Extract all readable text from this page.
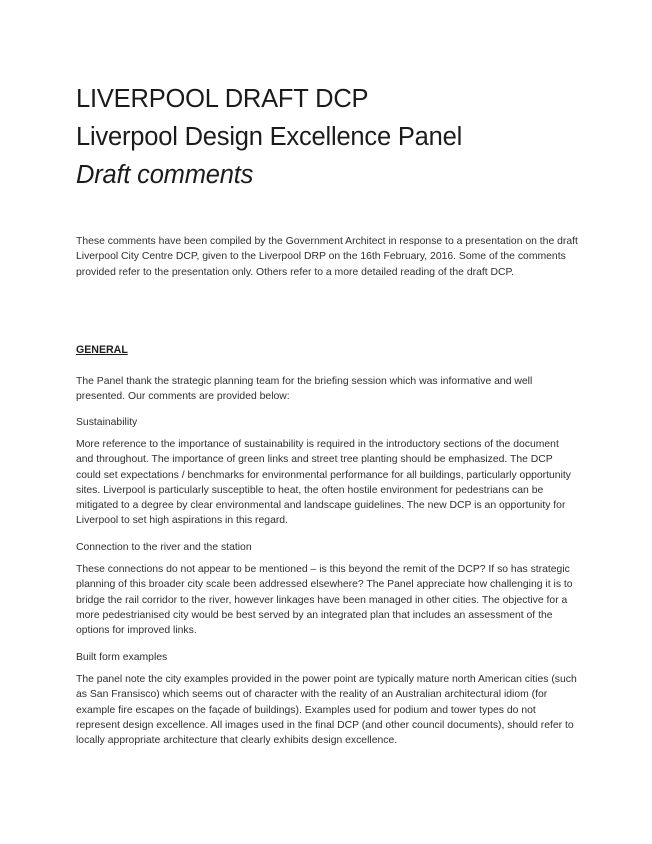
LIVERPOOL DRAFT DCP
Liverpool Design Excellence Panel
Draft comments

These comments have been compiled by the Government Architect in response to a presentation on the draft Liverpool City Centre DCP, given to the Liverpool DRP on the 16th February, 2016. Some of the comments provided refer to the presentation only. Others refer to a more detailed reading of the draft DCP.

GENERAL

The Panel thank the strategic planning team for the briefing session which was informative and well presented. Our comments are provided below:

Sustainability

More reference to the importance of sustainability is required in the introductory sections of the document and throughout. The importance of green links and street tree planting should be emphasized. The DCP could set expectations / benchmarks for environmental performance for all buildings, particularly opportunity sites. Liverpool is particularly susceptible to heat, the often hostile environment for pedestrians can be mitigated to a degree by clear environmental and landscape guidelines. The new DCP is an opportunity for Liverpool to set high aspirations in this regard.

Connection to the river and the station

These connections do not appear to be mentioned – is this beyond the remit of the DCP? If so has strategic planning of this broader city scale been addressed elsewhere? The Panel appreciate how challenging it is to bridge the rail corridor to the river, however linkages have been managed in other cities. The objective for a more pedestrianised city would be best served by an integrated plan that includes an assessment of the options for improved links.

Built form examples

The panel note the city examples provided in the power point are typically mature north American cities (such as San Fransisco) which seems out of character with the reality of an Australian architectural idiom (for example fire escapes on the façade of buildings). Examples used for podium and tower types do not represent design excellence. All images used in the final DCP (and other council documents), should refer to locally appropriate architecture that clearly exhibits design excellence.
